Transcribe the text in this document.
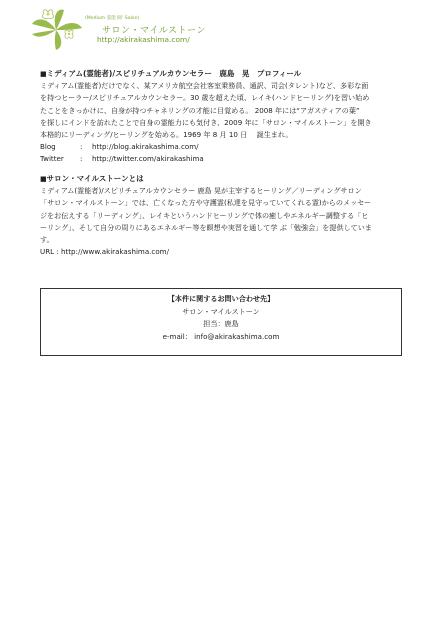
(Medium 霊能 師’ Salon)
サロン・マイルストーン
http://akirakashima.com/
■ミディアム(霊能者)/スピリチュアルカウンセラー　鹿島　晃　プロフィール
ミディアム(霊能者)だけでなく、某アメリカ航空会社客室乗務員、通訳、司会(タレント)など、多彩な面
を持つヒーラー/スピリチュアルカウンセラー。30 歳を超えた頃、レイキ(ハンドヒーリング)を習い始め
たことをきっかけに、自身が持つチャネリングの才能に目覚める。 2008 年には“アガスティアの葉”
を探しにインドを訪れたことで自身の霊能力にも気付き、2009 年に「サロン・マイルストーン」を開き
本格的にリーディング/ヒーリングを始める。1969 年 8 月 10 日　 誕生まれ。
Blog	: http://blog.akirakashima.com/
Twitter : http://twitter.com/akirakashima
■サロン・マイルストーンとは
ミディアム(霊能者)/スピリチュアルカウンセラー 鹿島 晃が主宰するヒーリング／リーディングサロン
「サロン・マイルストーン」では、亡くなった方や守護霊(私達を見守っていてくれる霊)からのメッセー
ジをお伝えする「リーディング」、レイキというハンドヒーリングで体の癒しやエネルギー調整する「ヒ
ーリング」、そして自分の周りにあるエネルギー等を瞑想や実習を通して学 ぶ「勉強会」を提供していま
す。
URL : http://www.akirakashima.com/
【本件に関するお問い合わせ先】
サロン・マイルストーン
担当：鹿島
e-mail： info@akirakashima.com
